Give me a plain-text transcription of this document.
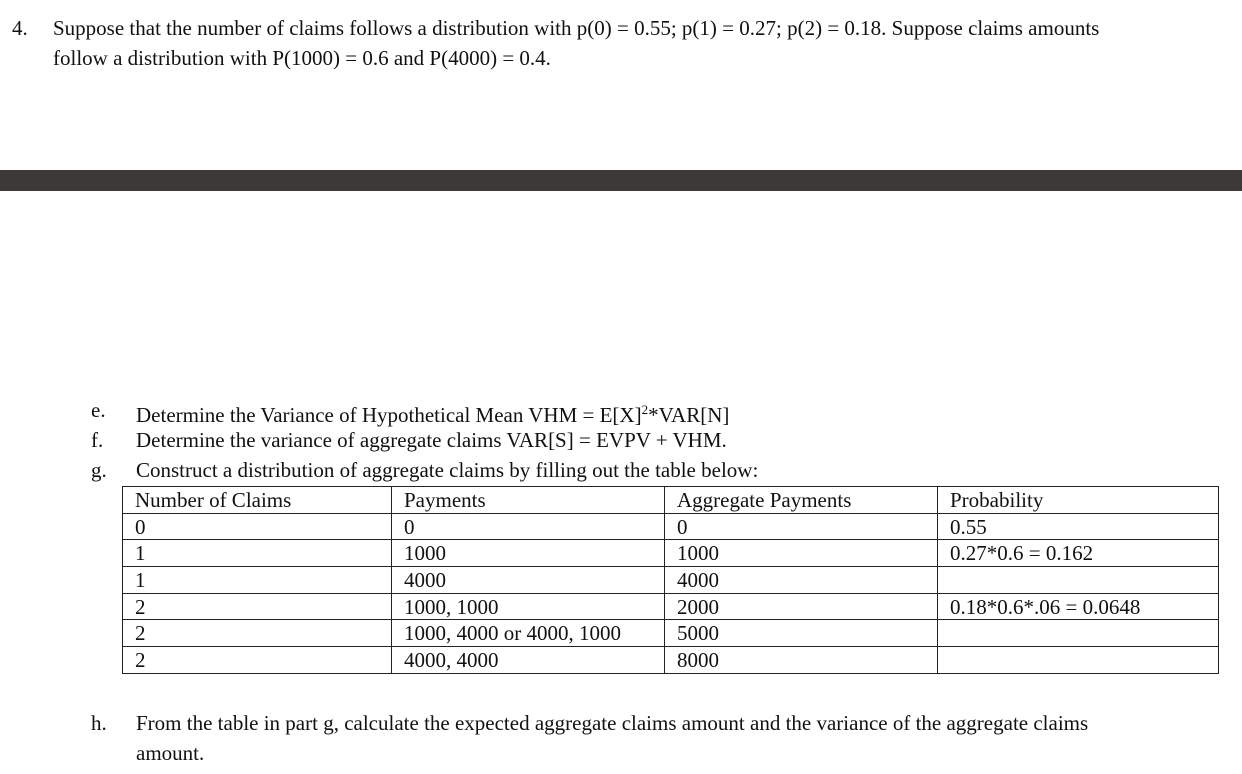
4. Suppose that the number of claims follows a distribution with p(0) = 0.55; p(1) = 0.27; p(2) = 0.18. Suppose claims amounts
follow a distribution with P(1000) = 0.6 and P(4000) = 0.4.
e. Determine the Variance of Hypothetical Mean VHM = $E[X]^2*VAR[N]$
f. Determine the variance of aggregate claims VAR[S] = EVPV + VHM.
g. Construct a distribution of aggregate claims by filling out the table below:
Number of Claims	Payments	Aggregate Payments	Probability
0	0	0	0.55
1	1000	1000	0.27*0.6 = 0.162
1	4000	4000	
2	1000, 1000	2000	0.18*0.6*.06 = 0.0648
2	1000, 4000 or 4000, 1000	5000	
2	4000, 4000	8000	
h. From the table in part g, calculate the expected aggregate claims amount and the variance of the aggregate claims
amount.
